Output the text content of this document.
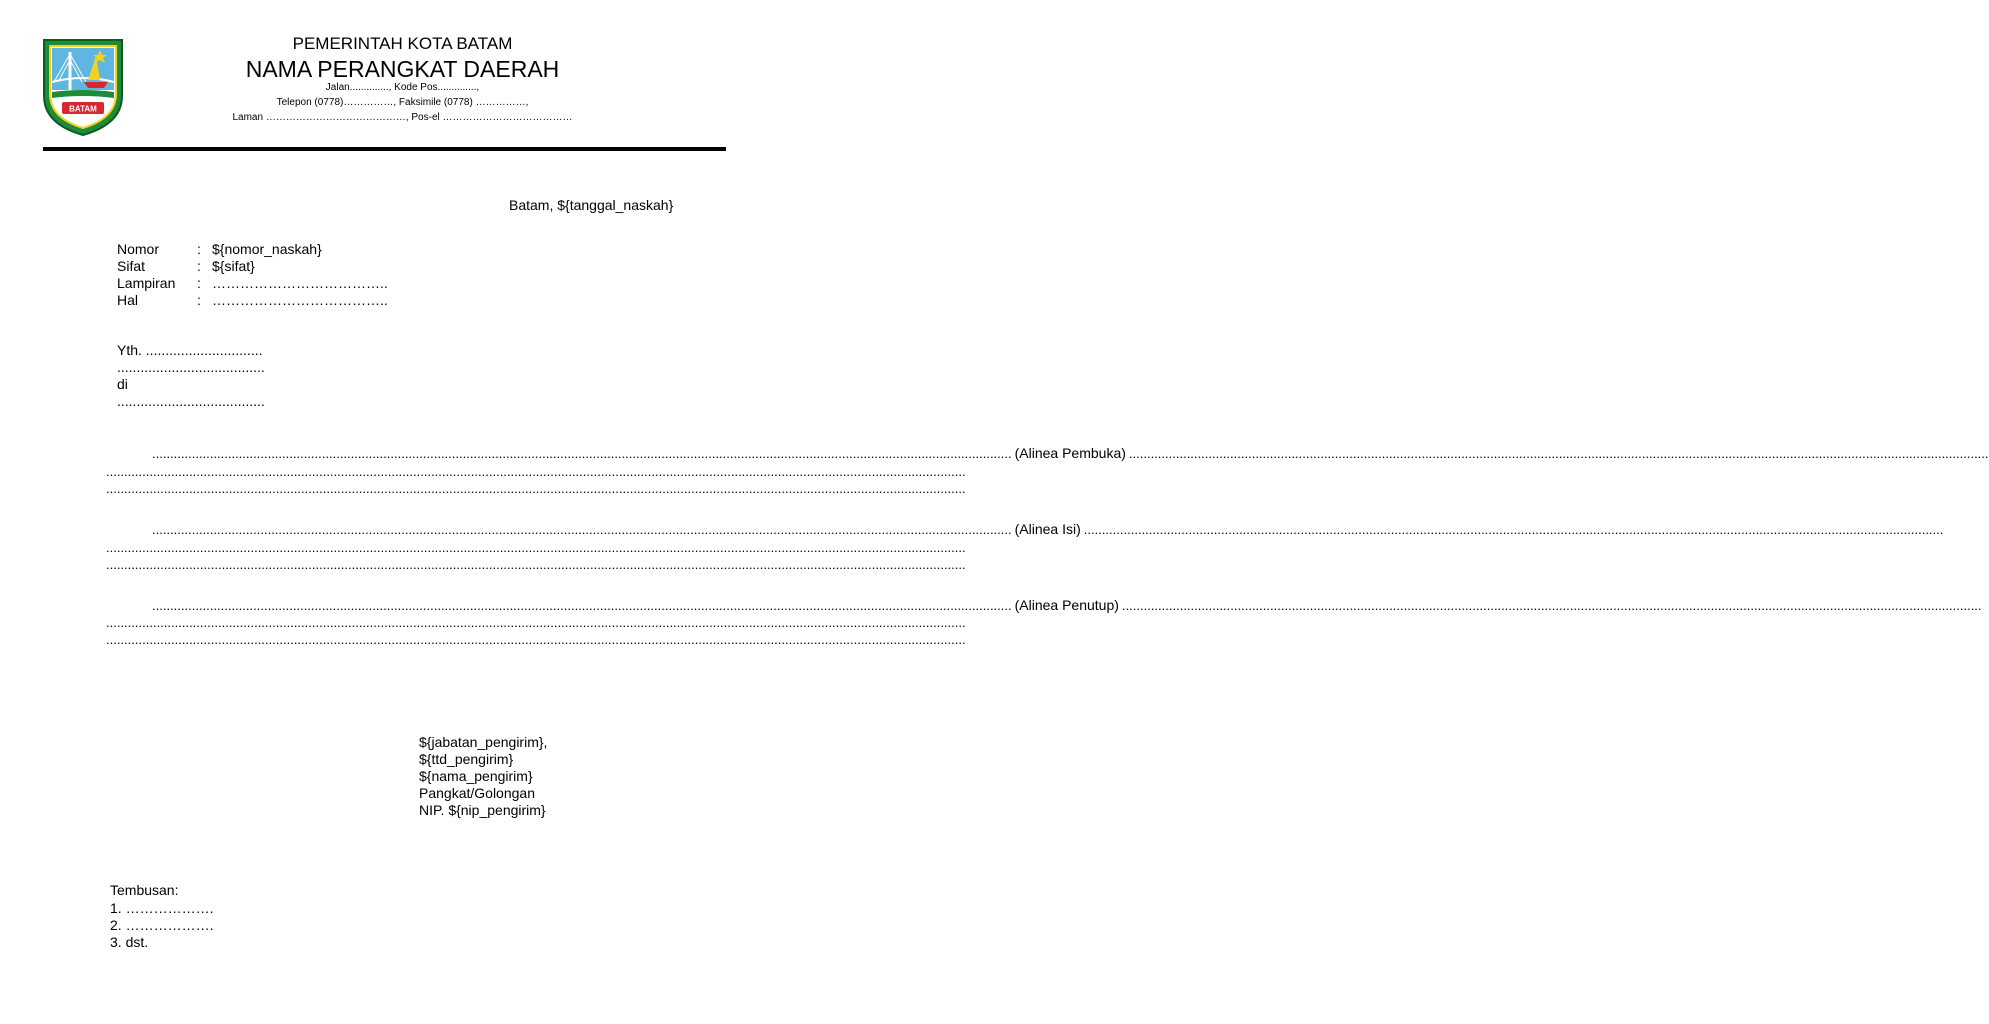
BATAM
PEMERINTAH KOTA BATAM
NAMA PERANGKAT DAERAH
Jalan.............., Kode Pos..............,
Telepon (0778)……………, Faksimile (0778) ……………,
Laman ……………………………………, Pos-el …………………………………
Batam, ${tanggal_naskah}
Nomor	: ${nomor_naskah}
Sifat	: ${sifat}
Lampiran : ………………………………..
Hal	: ………………………………..
Yth. ..............................
......................................
di
......................................
.............................................................................................................................................................................................................................................. (Alinea Pembuka) ..............................................................................................................................................................................................................................................
..............................................................................................................................................................................................................................................
..............................................................................................................................................................................................................................................
.............................................................................................................................................................................................................................................. (Alinea Isi) ..............................................................................................................................................................................................................................................
..............................................................................................................................................................................................................................................
..............................................................................................................................................................................................................................................
.............................................................................................................................................................................................................................................. (Alinea Penutup) ..............................................................................................................................................................................................................................................
..............................................................................................................................................................................................................................................
..............................................................................................................................................................................................................................................
${jabatan_pengirim},
${ttd_pengirim}
${nama_pengirim}
Pangkat/Golongan
NIP. ${nip_pengirim}
Tembusan:
1. ……………….
2. ……………….
3. dst.
